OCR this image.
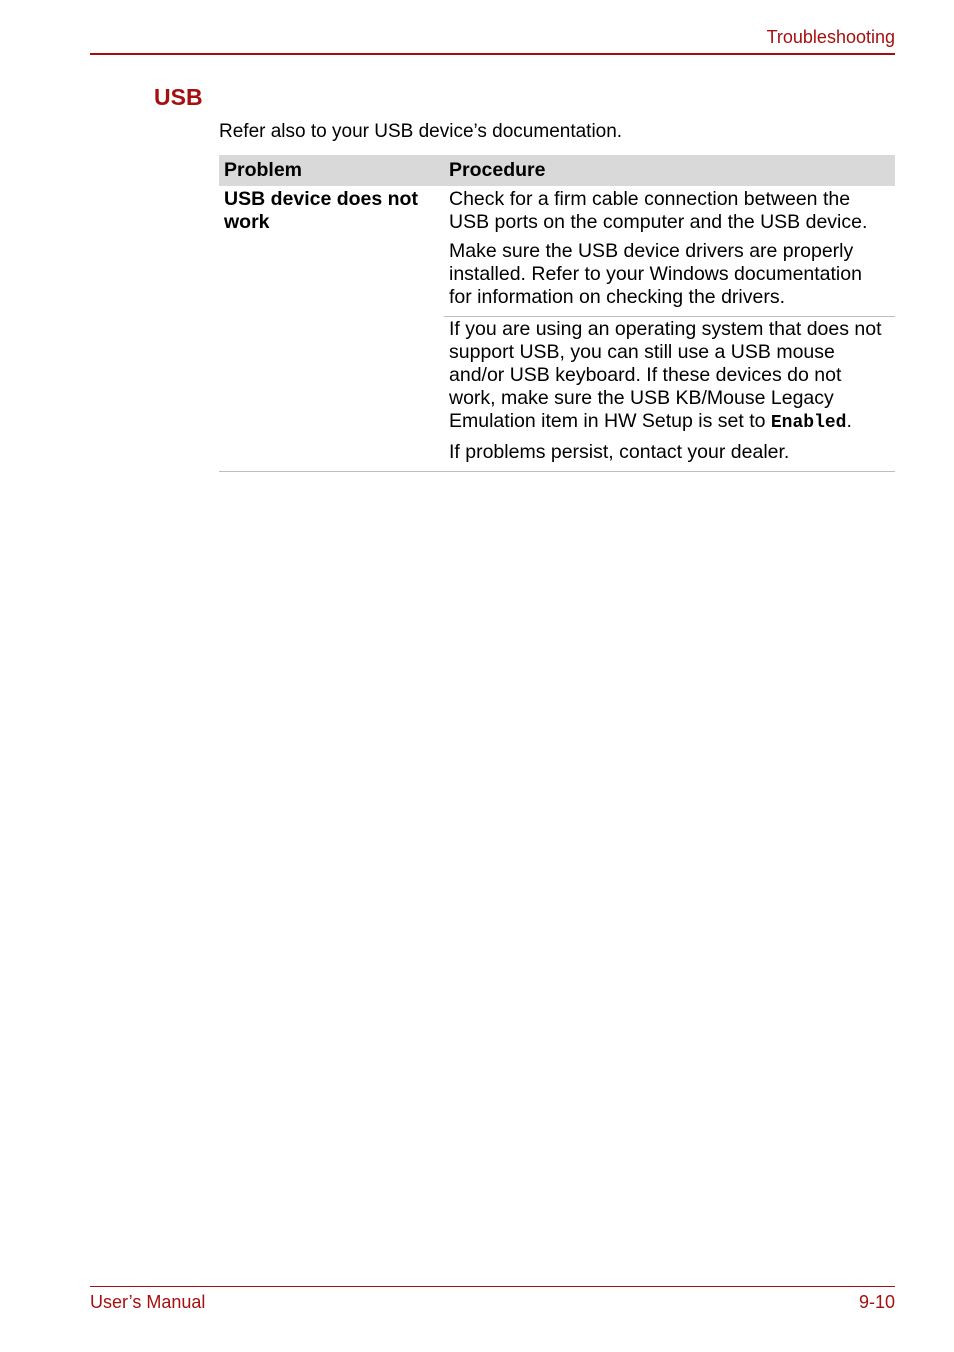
Troubleshooting
USB
Refer also to your USB device’s documentation.
Problem	Procedure
USB device does not work

Check for a firm cable connection between the USB ports on the computer and the USB device.

Make sure the USB device drivers are properly installed. Refer to your Windows documentation for information on checking the drivers.

If you are using an operating system that does not support USB, you can still use a USB mouse and/or USB keyboard. If these devices do not work, make sure the USB KB/Mouse Legacy Emulation item in HW Setup is set to Enabled.

If problems persist, contact your dealer.

User’s Manual	9-10
